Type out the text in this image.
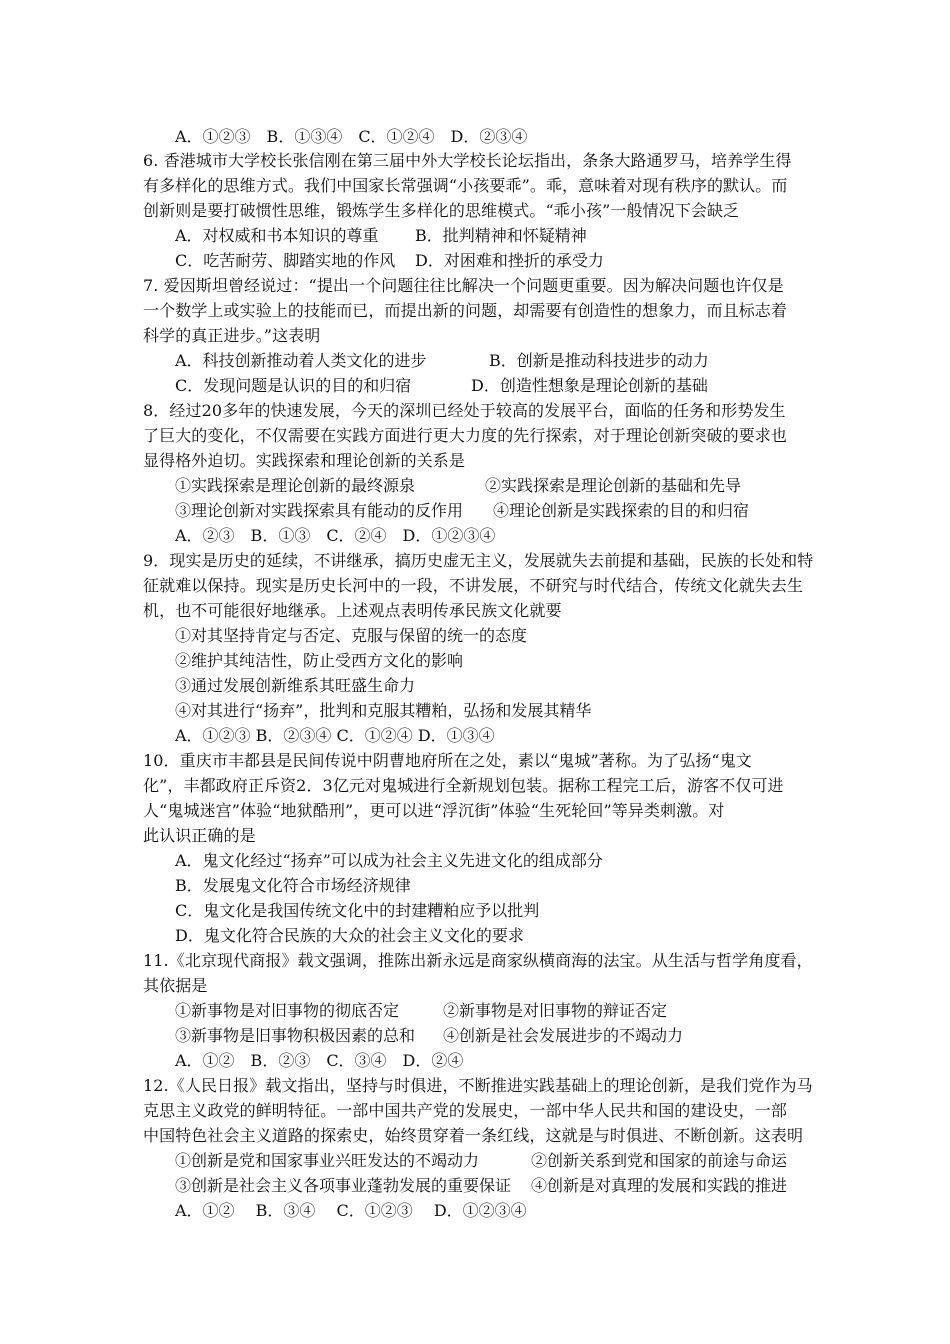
A．①②③　B．①③④　C．①②④　D．②③④
6. 香港城市大学校长张信刚在第三届中外大学校长论坛指出，条条大路通罗马，培养学生得
有多样化的思维方式。我们中国家长常强调“小孩要乖”。乖，意味着对现有秩序的默认。而
创新则是要打破惯性思维，锻炼学生多样化的思维模式。“乖小孩”一般情况下会缺乏
A．对权威和书本知识的尊重	B．批判精神和怀疑精神
C．吃苦耐劳、脚踏实地的作风	D．对困难和挫折的承受力
7. 爱因斯坦曾经说过：“提出一个问题往往比解决一个问题更重要。因为解决问题也许仅是
一个数学上或实验上的技能而已，而提出新的问题，却需要有创造性的想象力，而且标志着
科学的真正进步。”这表明
A．科技创新推动着人类文化的进步	B．创新是推动科技进步的动力
C．发现问题是认识的目的和归宿	D．创造性想象是理论创新的基础
8．经过20多年的快速发展，今天的深圳已经处于较高的发展平台，面临的任务和形势发生
了巨大的变化，不仅需要在实践方面进行更大力度的先行探索，对于理论创新突破的要求也
显得格外迫切。实践探索和理论创新的关系是
①实践探索是理论创新的最终源泉	②实践探索是理论创新的基础和先导
③理论创新对实践探索具有能动的反作用	④理论创新是实践探索的目的和归宿
A．②③　B．①③　C．②④　D．①②③④
9．现实是历史的延续，不讲继承，搞历史虚无主义，发展就失去前提和基础，民族的长处和特
征就难以保持。现实是历史长河中的一段，不讲发展，不研究与时代结合，传统文化就失去生
机，也不可能很好地继承。上述观点表明传承民族文化就要
①对其坚持肯定与否定、克服与保留的统一的态度
②维护其纯洁性，防止受西方文化的影响
③通过发展创新维系其旺盛生命力
④对其进行“扬弃”，批判和克服其糟粕，弘扬和发展其精华
A．①②③ B．②③④ C．①②④ D．①③④
10．重庆市丰都县是民间传说中阴曹地府所在之处，素以“鬼城”著称。为了弘扬“鬼文
化”，丰都政府正斥资2．3亿元对鬼城进行全新规划包装。据称工程完工后，游客不仅可进
人“鬼城迷宫”体验“地狱酷刑”，更可以进“浮沉街”体验“生死轮回”等异类刺激。对
此认识正确的是
A．鬼文化经过“扬弃”可以成为社会主义先进文化的组成部分
B．发展鬼文化符合市场经济规律
C．鬼文化是我国传统文化中的封建糟粕应予以批判
D．鬼文化符合民族的大众的社会主义文化的要求
11.《北京现代商报》载文强调，推陈出新永远是商家纵横商海的法宝。从生活与哲学角度看，
其依据是
①新事物是对旧事物的彻底否定	②新事物是对旧事物的辩证否定
③新事物是旧事物积极因素的总和	④创新是社会发展进步的不竭动力
A．①②　B．②③　C．③④　D．②④
12.《人民日报》载文指出，坚持与时俱进，不断推进实践基础上的理论创新，是我们党作为马
克思主义政党的鲜明特征。一部中国共产党的发展史，一部中华人民共和国的建设史，一部
中国特色社会主义道路的探索史，始终贯穿着一条红线，这就是与时俱进、不断创新。这表明
①创新是党和国家事业兴旺发达的不竭动力	②创新关系到党和国家的前途与命运
③创新是社会主义各项事业蓬勃发展的重要保证	④创新是对真理的发展和实践的推进
A．①②　 B．③④　 C．①②③　 D．①②③④
